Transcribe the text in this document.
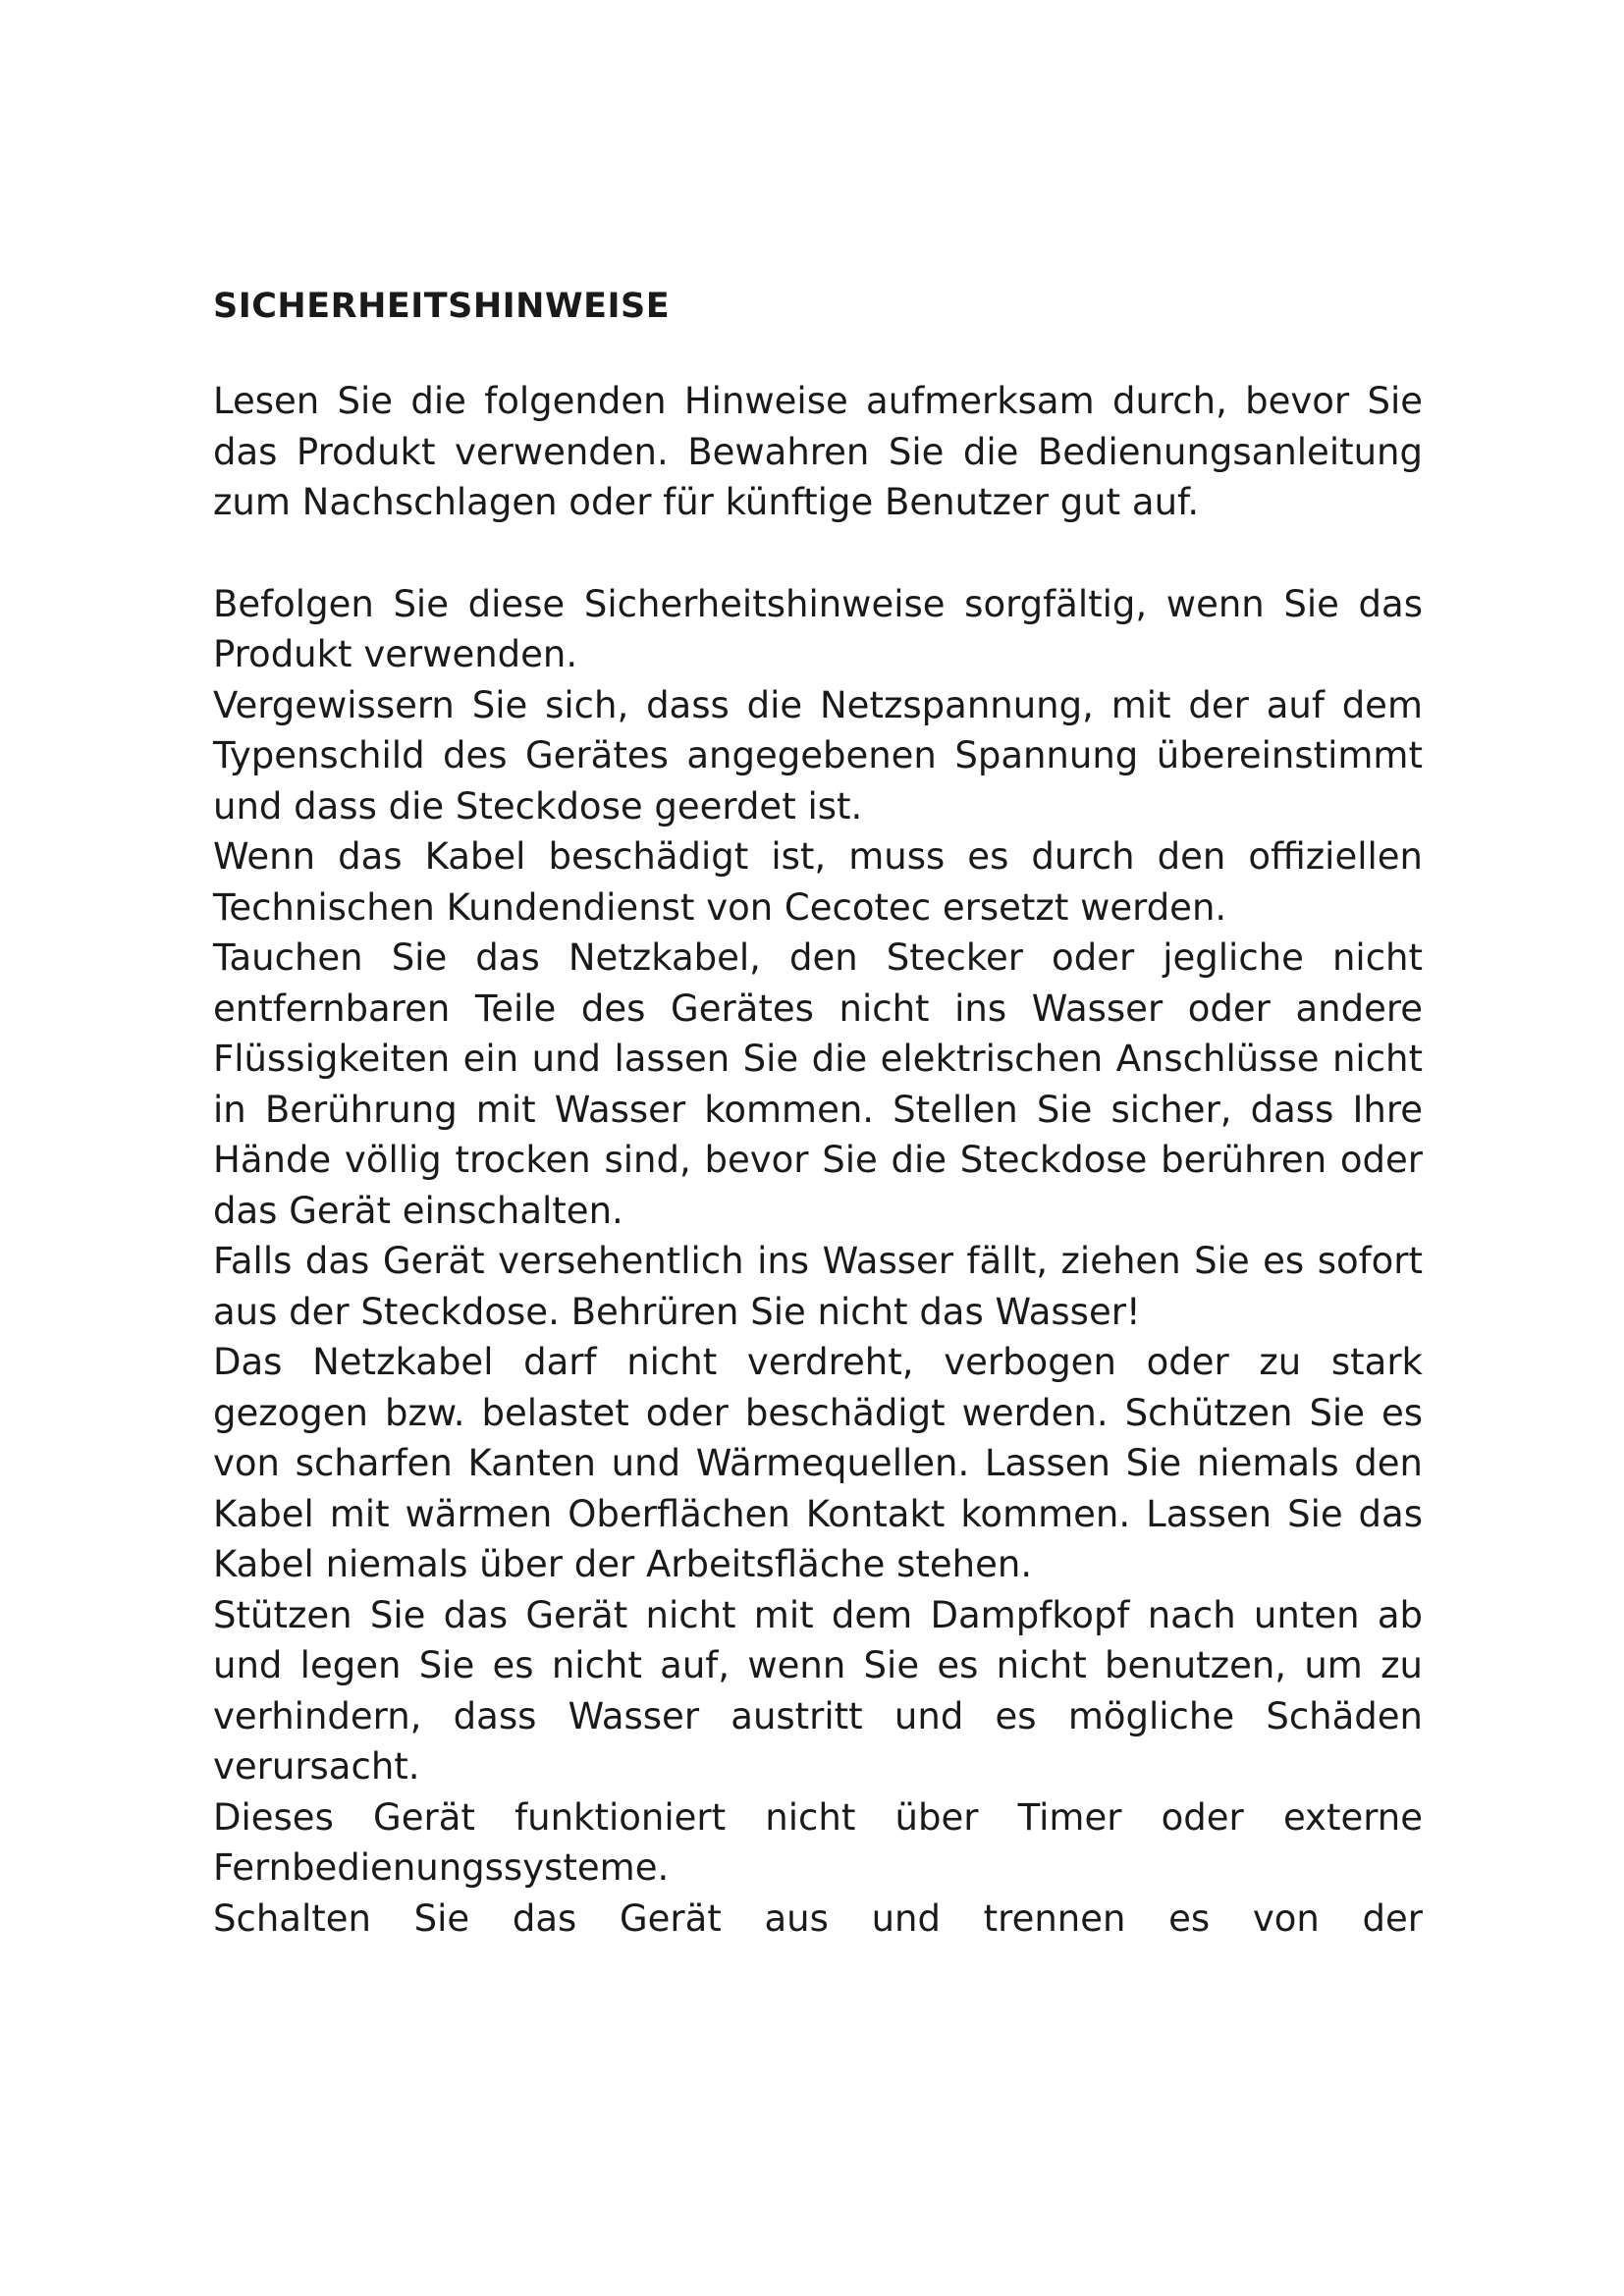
SICHERHEITSHINWEISE

Lesen Sie die folgenden Hinweise aufmerksam durch, bevor Sie das Produkt verwenden. Bewahren Sie die Bedienungsanleitung zum Nachschlagen oder für künftige Benutzer gut auf.

Befolgen Sie diese Sicherheitshinweise sorgfältig, wenn Sie das Produkt verwenden.

Vergewissern Sie sich, dass die Netzspannung, mit der auf dem Typenschild des Gerätes angegebenen Spannung übereinstimmt und dass die Steckdose geerdet ist.

Wenn das Kabel beschädigt ist, muss es durch den offiziellen Technischen Kundendienst von Cecotec ersetzt werden.

Tauchen Sie das Netzkabel, den Stecker oder jegliche nicht entfernbaren Teile des Gerätes nicht ins Wasser oder andere Flüssigkeiten ein und lassen Sie die elektrischen Anschlüsse nicht in Berührung mit Wasser kommen. Stellen Sie sicher, dass Ihre Hände völlig trocken sind, bevor Sie die Steckdose berühren oder das Gerät einschalten.

Falls das Gerät versehentlich ins Wasser fällt, ziehen Sie es sofort aus der Steckdose. Behrüren Sie nicht das Wasser!

Das Netzkabel darf nicht verdreht, verbogen oder zu stark gezogen bzw. belastet oder beschädigt werden. Schützen Sie es von scharfen Kanten und Wärmequellen. Lassen Sie niemals den Kabel mit wärmen Oberflächen Kontakt kommen. Lassen Sie das Kabel niemals über der Arbeitsfläche stehen.

Stützen Sie das Gerät nicht mit dem Dampfkopf nach unten ab und legen Sie es nicht auf, wenn Sie es nicht benutzen, um zu verhindern, dass Wasser austritt und es mögliche Schäden verursacht.

Dieses Gerät funktioniert nicht über Timer oder externe Fernbedienungssysteme.

Schalten Sie das Gerät aus und trennen es von der
